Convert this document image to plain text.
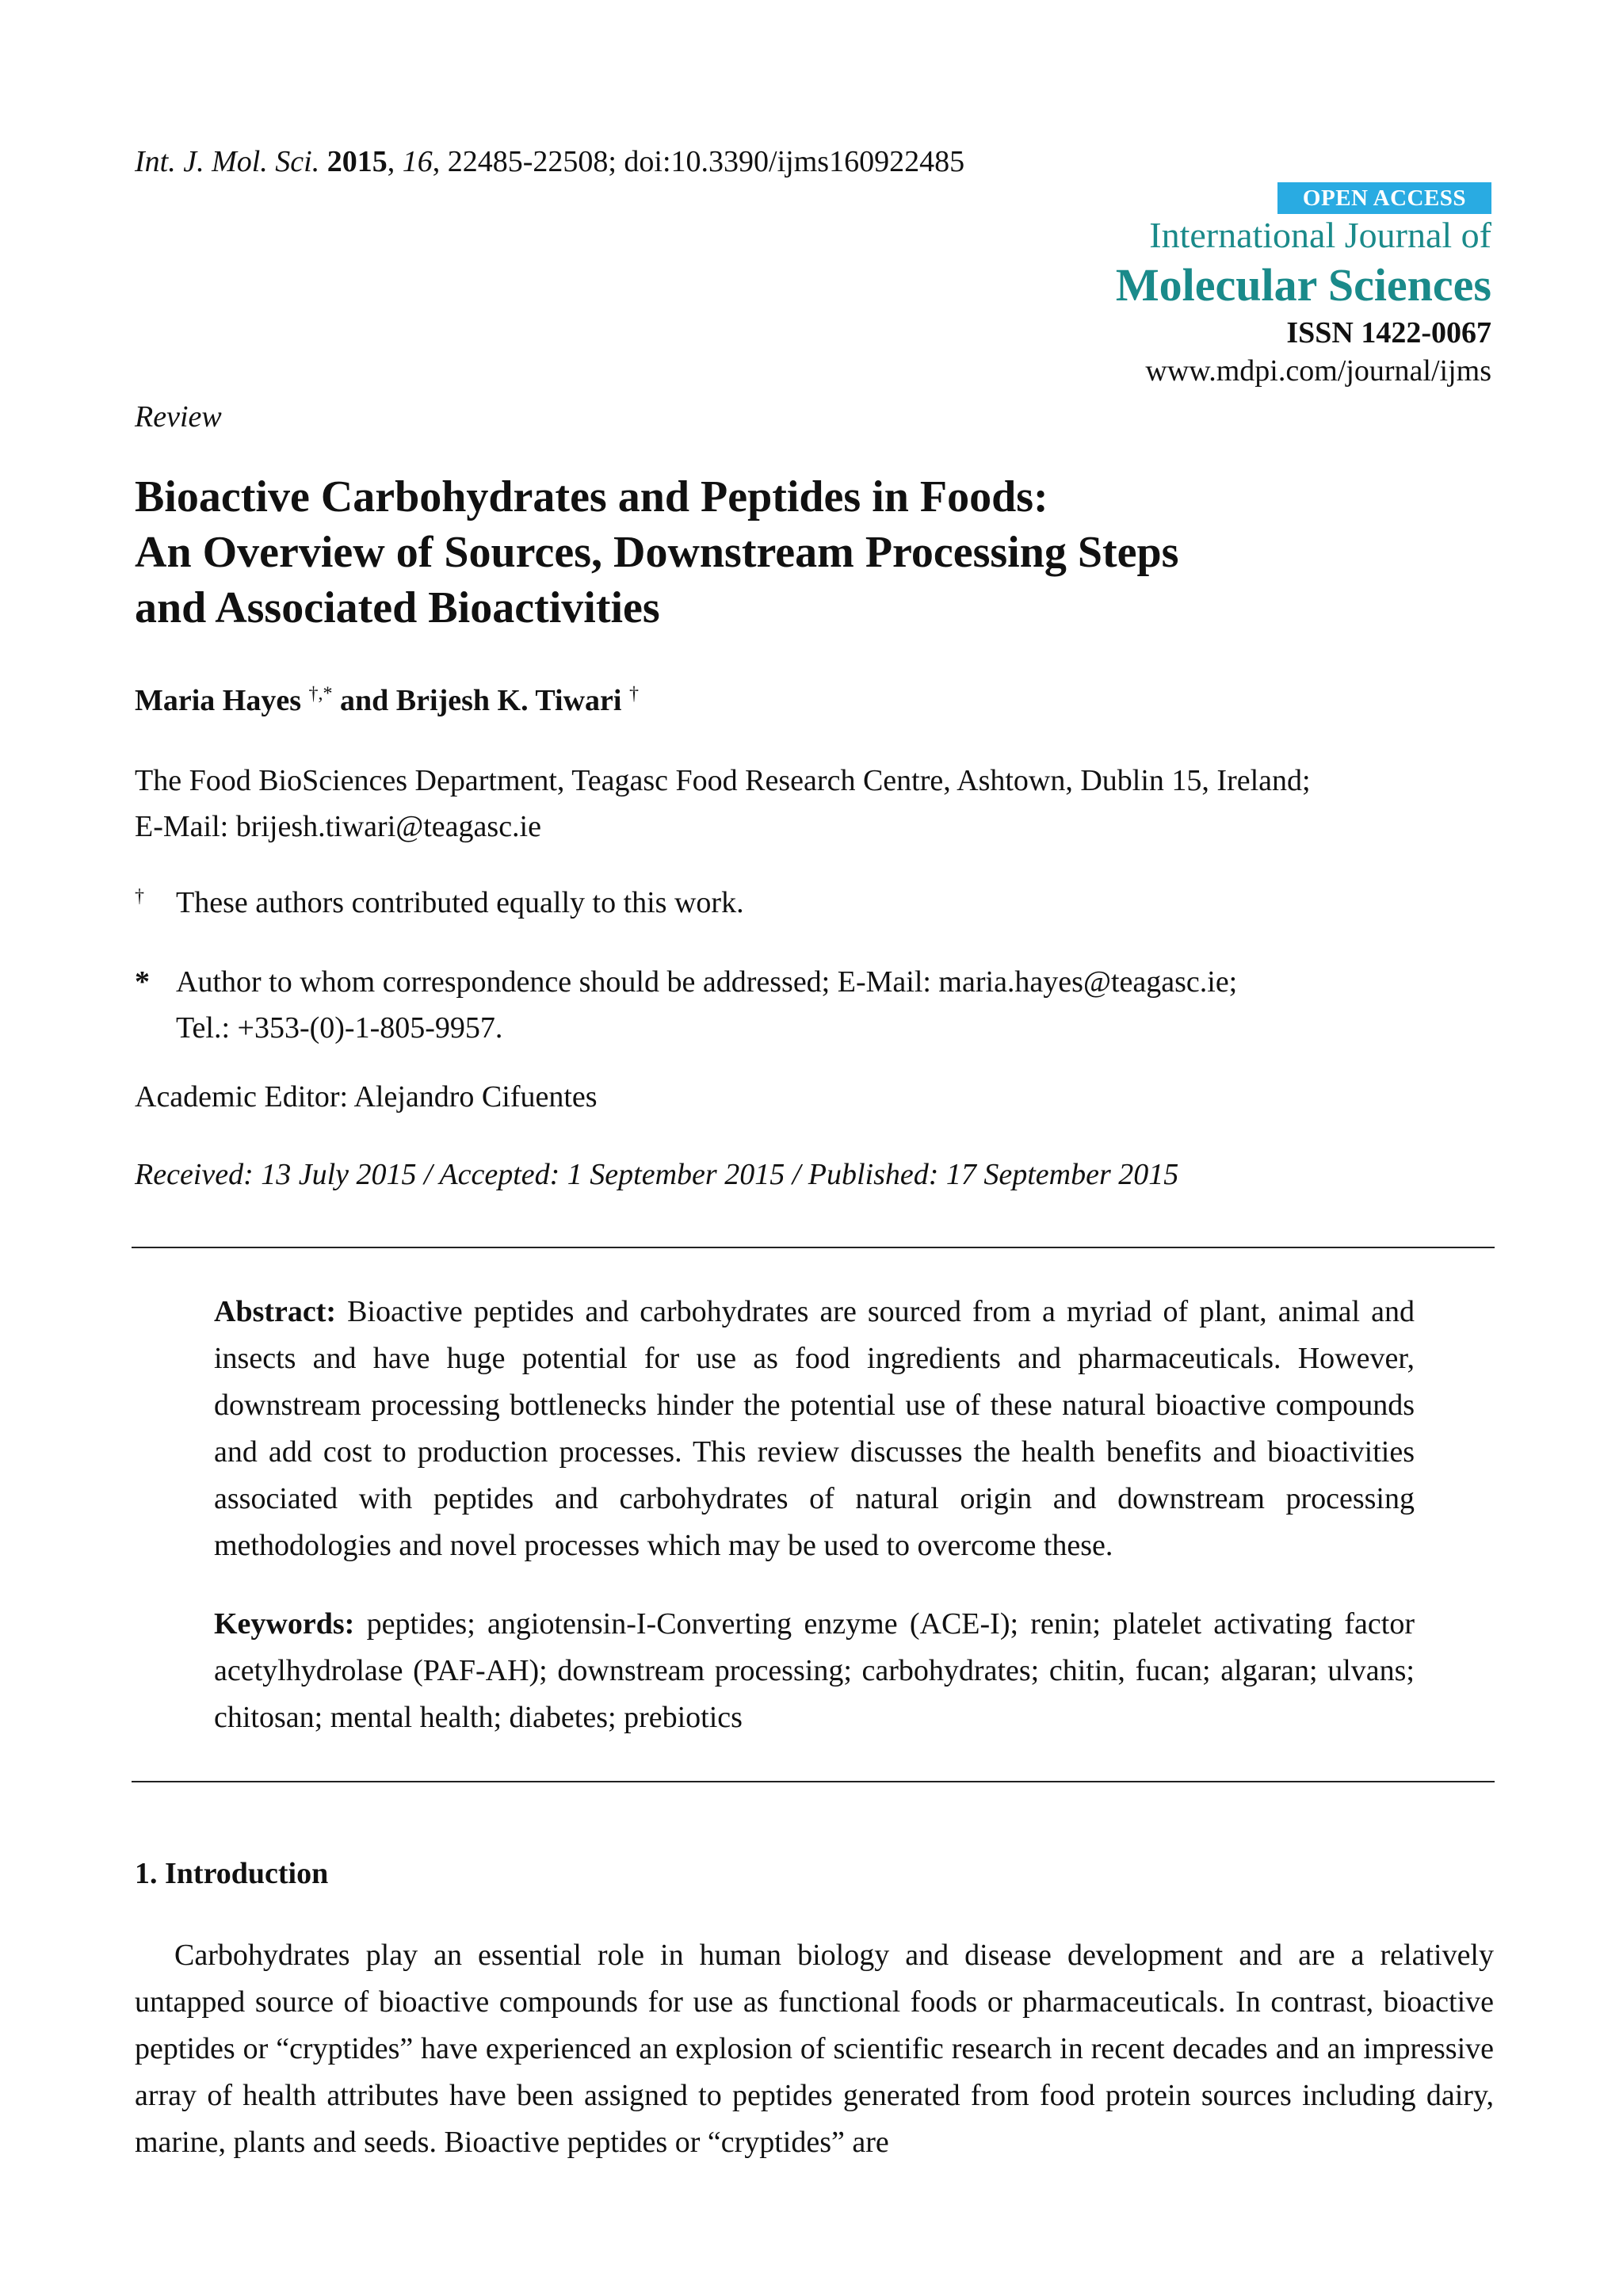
Int. J. Mol. Sci. 2015, 16, 22485-22508; doi:10.3390/ijms160922485
OPEN ACCESS
International Journal of
Molecular Sciences
ISSN 1422-0067
www.mdpi.com/journal/ijms
Review
Bioactive Carbohydrates and Peptides in Foods:
An Overview of Sources, Downstream Processing Steps
and Associated Bioactivities
Maria Hayes †,* and Brijesh K. Tiwari †
The Food BioSciences Department, Teagasc Food Research Centre, Ashtown, Dublin 15, Ireland;
E-Mail: brijesh.tiwari@teagasc.ie
†	These authors contributed equally to this work.
* Author to whom correspondence should be addressed; E-Mail: maria.hayes@teagasc.ie;
Tel.: +353-(0)-1-805-9957.
Academic Editor: Alejandro Cifuentes
Received: 13 July 2015 / Accepted: 1 September 2015 / Published: 17 September 2015
Abstract: Bioactive peptides and carbohydrates are sourced from a myriad of plant, animal and insects and have huge potential for use as food ingredients and pharmaceuticals. However, downstream processing bottlenecks hinder the potential use of these natural bioactive compounds and add cost to production processes. This review discusses the health benefits and bioactivities associated with peptides and carbohydrates of natural origin and downstream processing methodologies and novel processes which may be used to overcome these.
Keywords: peptides; angiotensin-I-Converting enzyme (ACE-I); renin; platelet activating factor acetylhydrolase (PAF-AH); downstream processing; carbohydrates; chitin, fucan; algaran; ulvans; chitosan; mental health; diabetes; prebiotics
1. Introduction
Carbohydrates play an essential role in human biology and disease development and are a relatively untapped source of bioactive compounds for use as functional foods or pharmaceuticals. In contrast, bioactive peptides or “cryptides” have experienced an explosion of scientific research in recent decades and an impressive array of health attributes have been assigned to peptides generated from food protein sources including dairy, marine, plants and seeds. Bioactive peptides or “cryptides” are
